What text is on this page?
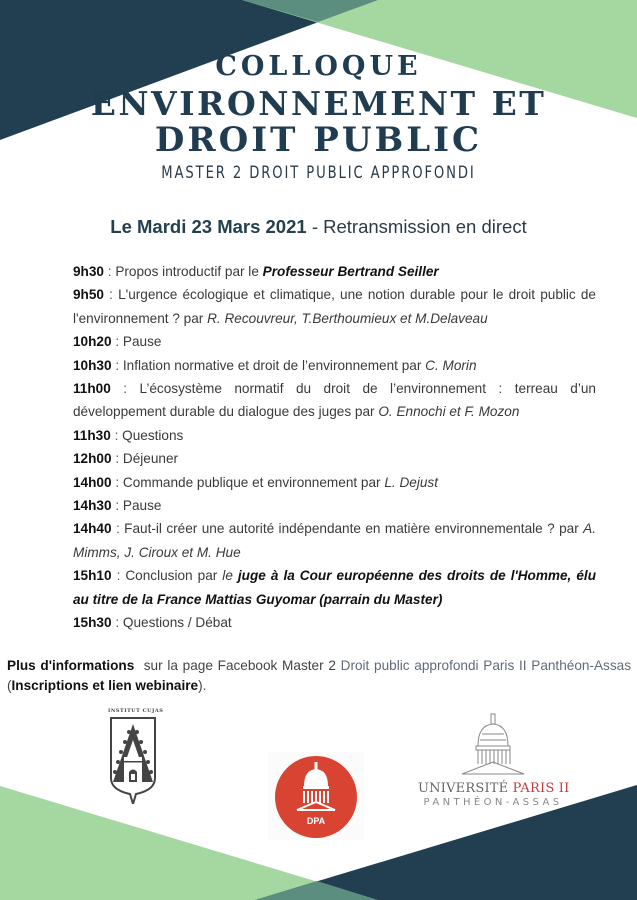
COLLOQUE
ENVIRONNEMENT ET
DROIT PUBLIC
MASTER 2 DROIT PUBLIC APPROFONDI
Le Mardi 23 Mars 2021 - Retransmission en direct
9h30 : Propos introductif par le Professeur Bertrand Seiller
9h50 : L'urgence écologique et climatique, une notion durable pour le droit public de l'environnement ? par R. Recouvreur, T.Berthoumieux et M.Delaveau
10h20 : Pause
10h30 : Inflation normative et droit de l’environnement par C. Morin
11h00 : L’écosystème normatif du droit de l’environnement : terreau d’un développement durable du dialogue des juges par O. Ennochi et F. Mozon
11h30 : Questions
12h00 : Déjeuner
14h00 : Commande publique et environnement par L. Dejust
14h30 : Pause
14h40 : Faut-il créer une autorité indépendante en matière environnementale ? par A. Mimms, J. Ciroux et M. Hue
15h10 : Conclusion par le juge à la Cour européenne des droits de l'Homme, élu au titre de la France Mattias Guyomar (parrain du Master)
15h30 : Questions / Débat
Plus d'informations  sur la page Facebook Master 2 Droit public approfondi Paris II Panthéon-Assas (Inscriptions et lien webinaire).
INSTITUT CUJAS
DPA
UNIVERSITÉ PARIS II
PANTHÉON-ASSAS
